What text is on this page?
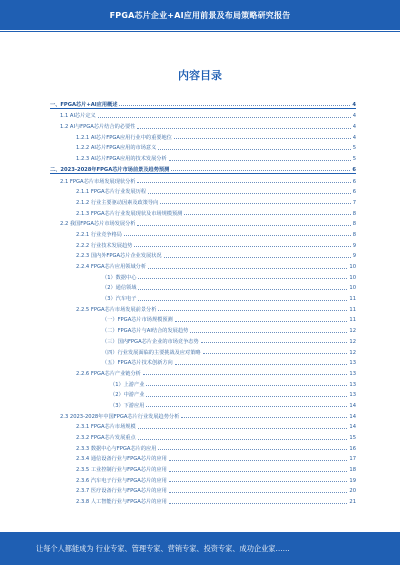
FPGA芯片企业+AI应用前景及布局策略研究报告
内容目录
一、FPGA芯片+AI应用概述	4
1.1 AI芯片定义	4
1.2 AI与FPGA芯片结合的必要性	4
1.2.1 AI芯片FPGA应用行业中的重要地位	4
1.2.2 AI芯片FPGA应用的市场意义	5
1.2.3 AI芯片FPGA应用的技术发展分析	5
二、2023-2028年FPGA芯片市场前景及趋势预测	6
2.1 FPGA芯片市场发展现状分析	6
2.1.1 FPGA芯片行业发展历程	6
2.1.2 行业主要驱动因素及政策导向	7
2.1.3 FPGA芯片行业发展现状及市场规模预测	8
2.2 我国FPGA芯片市场发展分析	8
2.2.1 行业竞争格局	8
2.2.2 行业技术发展趋势	9
2.2.3 国内外FPGA芯片企业发展状况	9
2.2.4 FPGA芯片应用领域分析	10
（1）数据中心	10
（2）通信领域	10
（3）汽车电子	11
2.2.5 FPGA芯片市场发展前景分析	11
（一）FPGA芯片市场规模预测	11
（二）FPGA芯片与AI结合的发展趋势	12
（三）国内FPGA芯片企业的市场竞争态势	12
（四）行业发展面临的主要挑战及应对策略	12
（五）FPGA芯片技术创新方向	13
2.2.6 FPGA芯片产业链分析	13
（1）上游产业	13
（2）中游产业	13
（3）下游应用	14
2.3 2023-2028年中国FPGA芯片行业发展趋势分析	14
2.3.1 FPGA芯片市场规模	14
2.3.2 FPGA芯片发展重点	15
2.3.3 数据中心与FPGA芯片的应用	16
2.3.4 通信设备行业与FPGA芯片的应用	17
2.3.5 工业控制行业与FPGA芯片的应用	18
2.3.6 汽车电子行业与FPGA芯片的应用	19
2.3.7 医疗设备行业与FPGA芯片的应用	20
2.3.8 人工智能行业与FPGA芯片的应用	21
让每个人都能成为 行业专家、管理专家、营销专家、投资专家、成功企业家……
